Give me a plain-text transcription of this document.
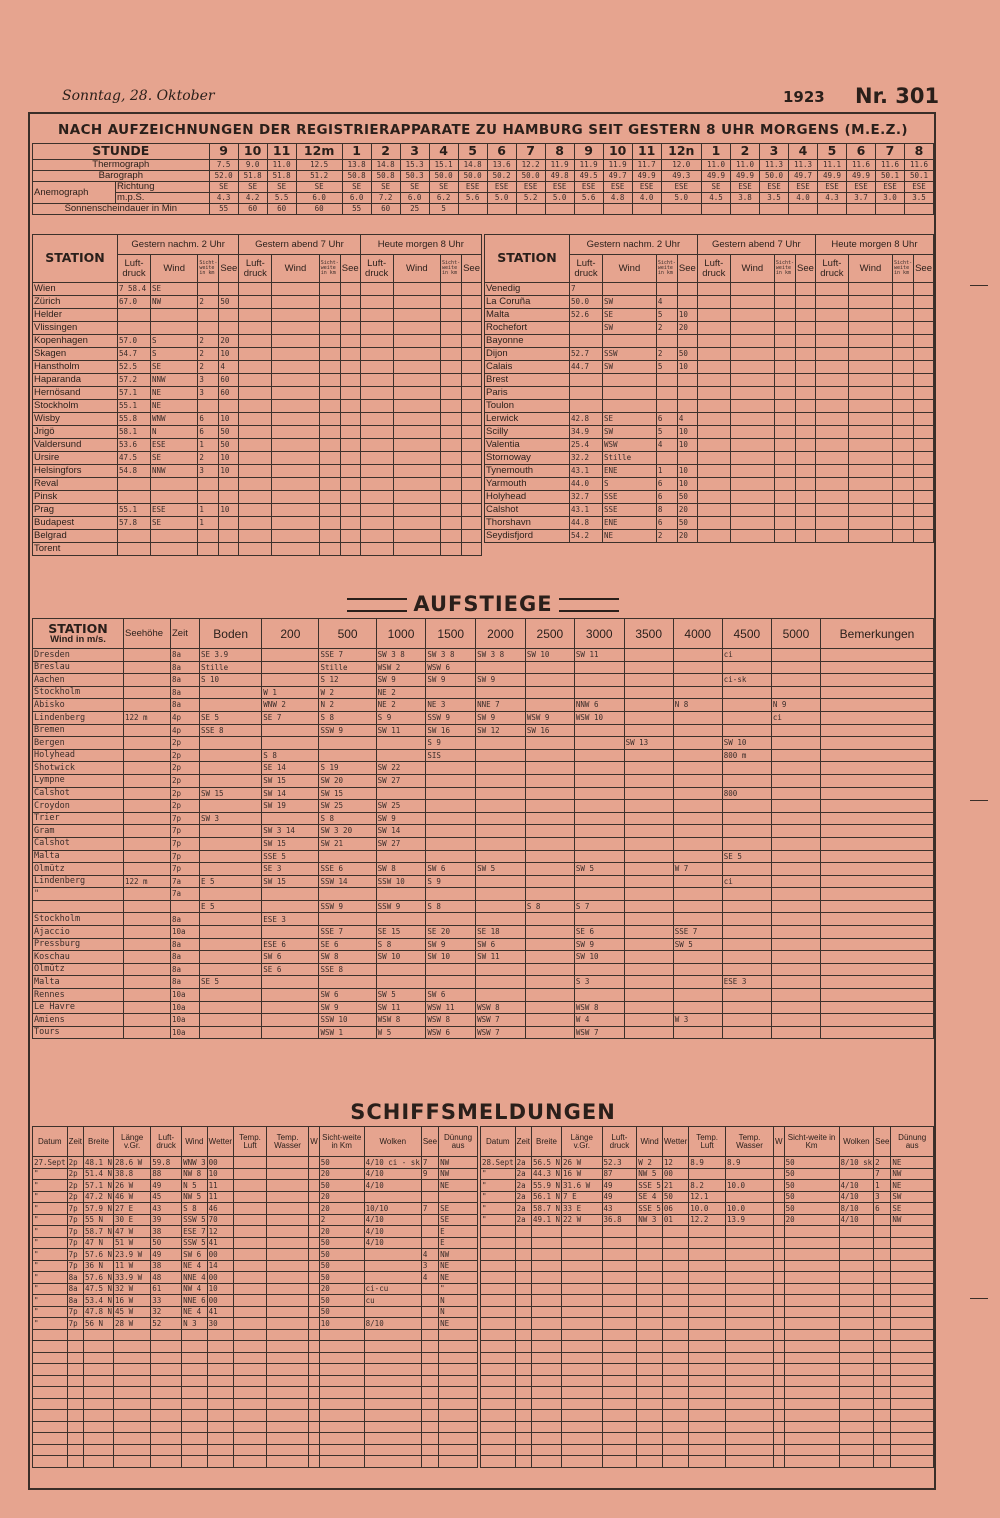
Sonntag, 28. Oktober	1923 Nr. 301
NACH AUFZEICHNUNGEN DER REGISTRIERAPPARATE ZU HAMBURG SEIT GESTERN 8 UHR MORGENS (M.E.Z.)
STUNDE		9	10	11	12m	1	2	3	4	5	6	7	8	9	10	11	12n	1	2	3	4	5	6	7	8
Thermograph		7.5	9.0	11.0	12.5	13.8	14.8	15.3	15.1	14.8	13.6	12.2	11.9	11.9	11.9	11.7	12.0	11.0	11.0	11.3	11.3	11.1	11.6	11.6	11.6
Barograph		52.0	51.8	51.8	51.2	50.8	50.8	50.3	50.0	50.0	50.2	50.0	49.8	49.5	49.7	49.9	49.3	49.9	49.9	50.0	49.7	49.9	49.9	50.1	50.1
Anemograph	Richtung	SE	SE	SE	SE	SE	SE	SE	SE	ESE	ESE	ESE	ESE	ESE	ESE	ESE	ESE	SE	ESE	ESE	ESE	ESE	ESE	ESE	ESE
	m.p.S.	4.3	4.2	5.5	6.0	6.0	7.2	6.0	6.2	5.6	5.0	5.2	5.0	5.6	4.8	4.0	5.0	4.5	3.8	3.5	4.0	4.3	3.7	3.0	3.5
Sonnenscheindauer in Min		55	60	60	60	55	60	25	5																
STATION	Gestern nachm. 2 Uhr				Gestern abend 7 Uhr				Heute morgen 8 Uhr			
	Luft-druck	Wind	Sicht-weite in km	See	Luft-druck	Wind	Sicht-weite in km	See	Luft-druck	Wind	Sicht-weite in km	See
Wien	7 58.4	SE										
Zürich	67.0	NW	2	50								
Helder												
Vlissingen												
Kopenhagen	57.0	S	2	20								
Skagen	54.7	S	2	10								
Hanstholm	52.5	SE	2	4								
Haparanda	57.2	NNW	3	60								
Hernösand	57.1	NE	3	60								
Stockholm	55.1	NE										
Wisby	55.8	WNW	6	10								
Jrigö	58.1	N	6	50								
Valdersund	53.6	ESE	1	50								
Ursire	47.5	SE	2	10								
Helsingfors	54.8	NNW	3	10								
Reval												
Pinsk												
Prag	55.1	ESE	1	10								
Budapest	57.8	SE	1									
Belgrad												
Torent												
STATION	Gestern nachm. 2 Uhr				Gestern abend 7 Uhr				Heute morgen 8 Uhr			
	Luft-druck	Wind	Sicht-weite in km	See	Luft-druck	Wind	Sicht-weite in km	See	Luft-druck	Wind	Sicht-weite in km	See
Venedig	7											
La Coruña	50.0	SW	4									
Malta	52.6	SE	5	10								
Rochefort		SW	2	20								
Bayonne												
Dijon	52.7	SSW	2	50								
Calais	44.7	SW	5	10								
Brest												
Paris												
Toulon												
Lerwick	42.8	SE	6	4								
Scilly	34.9	SW	5	10								
Valentia	25.4	WSW	4	10								
Stornoway	32.2	Stille										
Tynemouth	43.1	ENE	1	10								
Yarmouth	44.0	S	6	10								
Holyhead	32.7	SSE	6	50								
Calshot	43.1	SSE	8	20								
Thorshavn	44.8	ENE	6	50								
Seydisfjord	54.2	NE	2	20								
AUFSTIEGE
STATION
Wind in m/s.	Seehöhe	Zeit	Boden	200	500	1000	1500	2000	2500	3000	3500	4000	4500	5000	Bemerkungen
Dresden		8a	SE 3.9		SSE 7	SW 3 8	SW 3 8	SW 3 8	SW 10	SW 11			ci		
Breslau		8a	Stille		Stille	WSW 2	WSW 6								
Aachen		8a	S 10		S 12	SW 9	SW 9	SW 9					ci-sk		
Stockholm		8a		W 1	W 2	NE 2									
Abisko		8a		WNW 2	N 2	NE 2	NE 3	NNE 7		NNW 6		N 8		N 9	
Lindenberg	122 m	4p	SE 5	SE 7	S 8	S 9	SSW 9	SW 9	WSW 9	WSW 10				ci	
Bremen		4p	SSE 8		SSW 9	SW 11	SW 16	SW 12	SW 16						
Bergen		2p					S 9				SW 13		SW 10		
Holyhead		2p		S 8			SIS						800 m		
Shotwick		2p		SE 14	S 19	SW 22									
Lympne		2p		SW 15	SW 20	SW 27									
Calshot		2p	SW 15	SW 14	SW 15								800		
Croydon		2p		SW 19	SW 25	SW 25									
Trier		7p	SW 3		S 8	SW 9									
Gram		7p		SW 3 14	SW 3 20	SW 14									
Calshot		7p		SW 15	SW 21	SW 27									
Malta		7p		SSE 5									SE 5		
Olmütz		7p		SE 3	SSE 6	SW 8	SW 6	SW 5		SW 5		W 7			
Lindenberg	122 m	7a	E 5	SW 15	SSW 14	SSW 10	S 9						ci		
"		7a													
			E 5		SSW 9	SSW 9	S 8		S 8	S 7					
Stockholm		8a		ESE 3											
Ajaccio		10a			SSE 7	SE 15	SE 20	SE 18		SE 6		SSE 7			
Pressburg		8a		ESE 6	SE 6	S 8	SW 9	SW 6		SW 9		SW 5			
Koschau		8a		SW 6	SW 8	SW 10	SW 10	SW 11		SW 10					
Olmütz		8a		SE 6	SSE 8										
Malta		8a	SE 5							S 3			ESE 3		
Rennes		10a			SW 6	SW 5	SW 6								
Le Havre		10a			SW 9	SW 11	WSW 11	WSW 8		WSW 8					
Amiens		10a			SSW 10	WSW 8	WSW 8	WSW 7		W 4		W 3			
Tours		10a			WSW 1	W 5	WSW 6	WSW 7		WSW 7					
SCHIFFSMELDUNGEN
Datum	Zeit	Breite	Länge v.Gr.	Luft-druck	Wind	Wetter	Temp. Luft	Temp. Wasser	W	Sicht-weite in Km	Wolken	See	Dünung aus
27.Sept	2p	48.1 N	28.6 W	59.8	WNW 3	00				50	4/10 ci - sk	7	NW
"	2p	51.4 N	38.8	88	NW 8	10				20	4/10	9	NW
"	2p	57.1 N	26 W	49	N 5	11				50	4/10		NE
"	2p	47.2 N	46 W	45	NW 5	11				20			
"	7p	57.9 N	27 E	43	S 8	46				20	10/10	7	SE
"	7p	55 N	30 E	39	SSW 5	70				2	4/10		SE
"	7p	58.7 N	47 W	38	ESE 7	12				20	4/10		E
"	7p	47 N	51 W	50	SSW 5	41				50	4/10		E
"	7p	57.6 N	23.9 W	49	SW 6	00				50		4	NW
"	7p	36 N	11 W	38	NE 4	14				50		3	NE
"	8a	57.6 N	33.9 W	48	NNE 4	00				50		4	NE
"	8a	47.5 N	32 W	61	NW 4	10				20	ci-cu		"
"	8a	53.4 N	16 W	33	NNE 6	00				50	cu		N
"	7p	47.8 N	45 W	32	NE 4	41				50			N
"	7p	56 N	28 W	52	N 3	30				10	8/10		NE

Datum	Zeit	Breite	Länge v.Gr.	Luft-druck	Wind	Wetter	Temp. Luft	Temp. Wasser	W	Sicht-weite in Km	Wolken	See	Dünung aus
28.Sept	2a	56.5 N	26 W	52.3	W 2	12	8.9	8.9		50	8/10 sk	2	NE
"	2a	44.3 N	16 W	87	NW 5	00				50		7	NW
"	2a	55.9 N	31.6 W	49	SSE 5	21	8.2	10.0		50	4/10	1	NE
"	2a	56.1 N	7 E	49	SE 4	50	12.1			50	4/10	3	SW
"	2a	58.7 N	33 E	43	SSE 5	06	10.0	10.0		50	8/10	6	SE
"	2a	49.1 N	22 W	36.8	NW 3	01	12.2	13.9		20	4/10		NW
